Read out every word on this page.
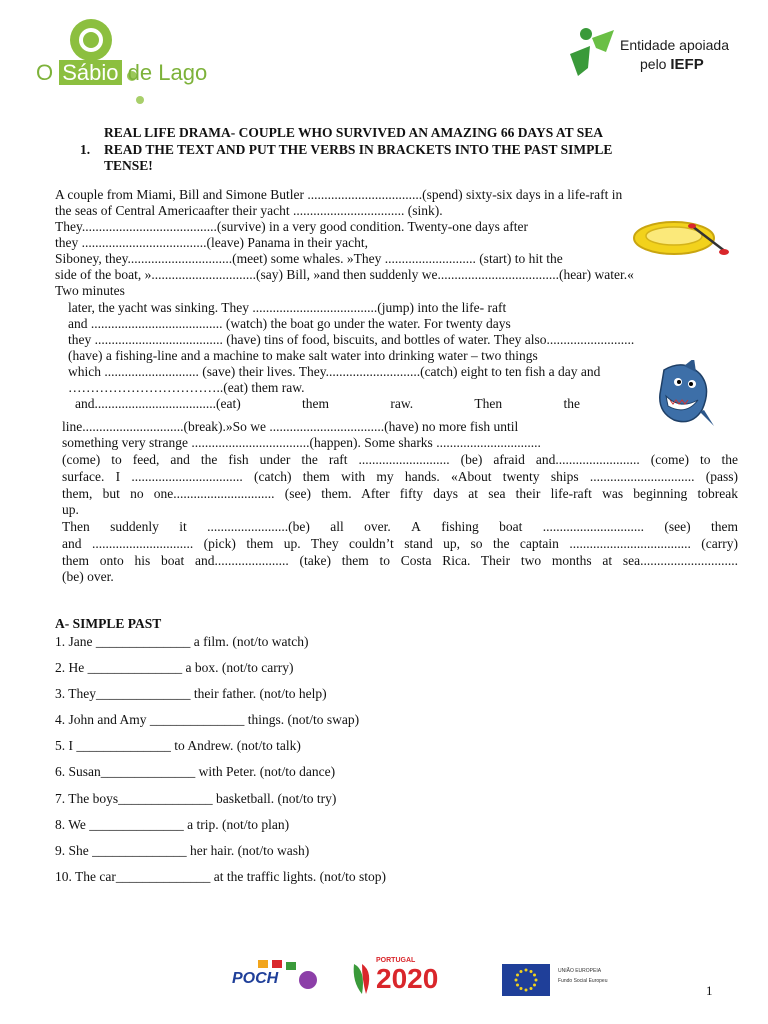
O Sábio de Lago
Entidade apoiada
pelo IEFP
REAL LIFE DRAMA- COUPLE WHO SURVIVED AN AMAZING 66 DAYS AT SEA
1. READ THE TEXT AND PUT THE VERBS IN BRACKETS INTO THE PAST SIMPLE
TENSE!
A couple from Miami, Bill and Simone Butler ..................................(spend) sixty-six days in a life-raft in
the seas of Central Americaafter their yacht ................................. (sink).
They........................................(survive) in a very good condition. Twenty-one days after
they .....................................(leave) Panama in their yacht,
Siboney, they...............................(meet) some whales. »They ........................... (start) to hit the
side of the boat, »...............................(say) Bill, »and then suddenly we....................................(hear) water.«
Two minutes
later, the yacht was sinking. They .....................................(jump) into the life- raft
and ....................................... (watch) the boat go under the water. For twenty days
they ...................................... (have) tins of food, biscuits, and bottles of water. They also..........................
(have) a fishing-line and a machine to make salt water into drinking water – two things
which ............................ (save) their lives. They............................(catch) eight to ten fish a day and
……………………………..(eat) them raw.
and....................................(eat)	them	raw.	Then	the
line..............................(break).»So we ..................................(have) no more fish until
something very strange ...................................(happen). Some sharks ...............................
(come) to feed, and the fish under the raft ........................... (be) afraid and......................... (come) to the
surface. I ................................. (catch) them with my hands. «About twenty ships ............................... (pass)
them, but no one.............................. (see) them. After fifty days at sea their life-raft was beginning tobreak
up.
Then suddenly it ........................(be) all over. A fishing boat .............................. (see) them
and .............................. (pick) them up. They couldn’t stand up, so the captain .................................... (carry)
them onto his boat and...................... (take) them to Costa Rica. Their two months at sea.............................
(be) over.
A- SIMPLE PAST
1. Jane ______________ a film. (not/to watch)
2. He ______________ a box. (not/to carry)
3. They______________ their father. (not/to help)
4. John and Amy ______________ things. (not/to swap)
5. I ______________ to Andrew. (not/to talk)
6. Susan______________ with Peter. (not/to dance)
7. The boys______________ basketball. (not/to try)
8. We ______________ a trip. (not/to plan)
9. She ______________ her hair. (not/to wash)
10. The car______________ at the traffic lights. (not/to stop)
POCH
PORTUGAL
2020	UNIÃO EUROPEIA
Fundo Social Europeu
1
